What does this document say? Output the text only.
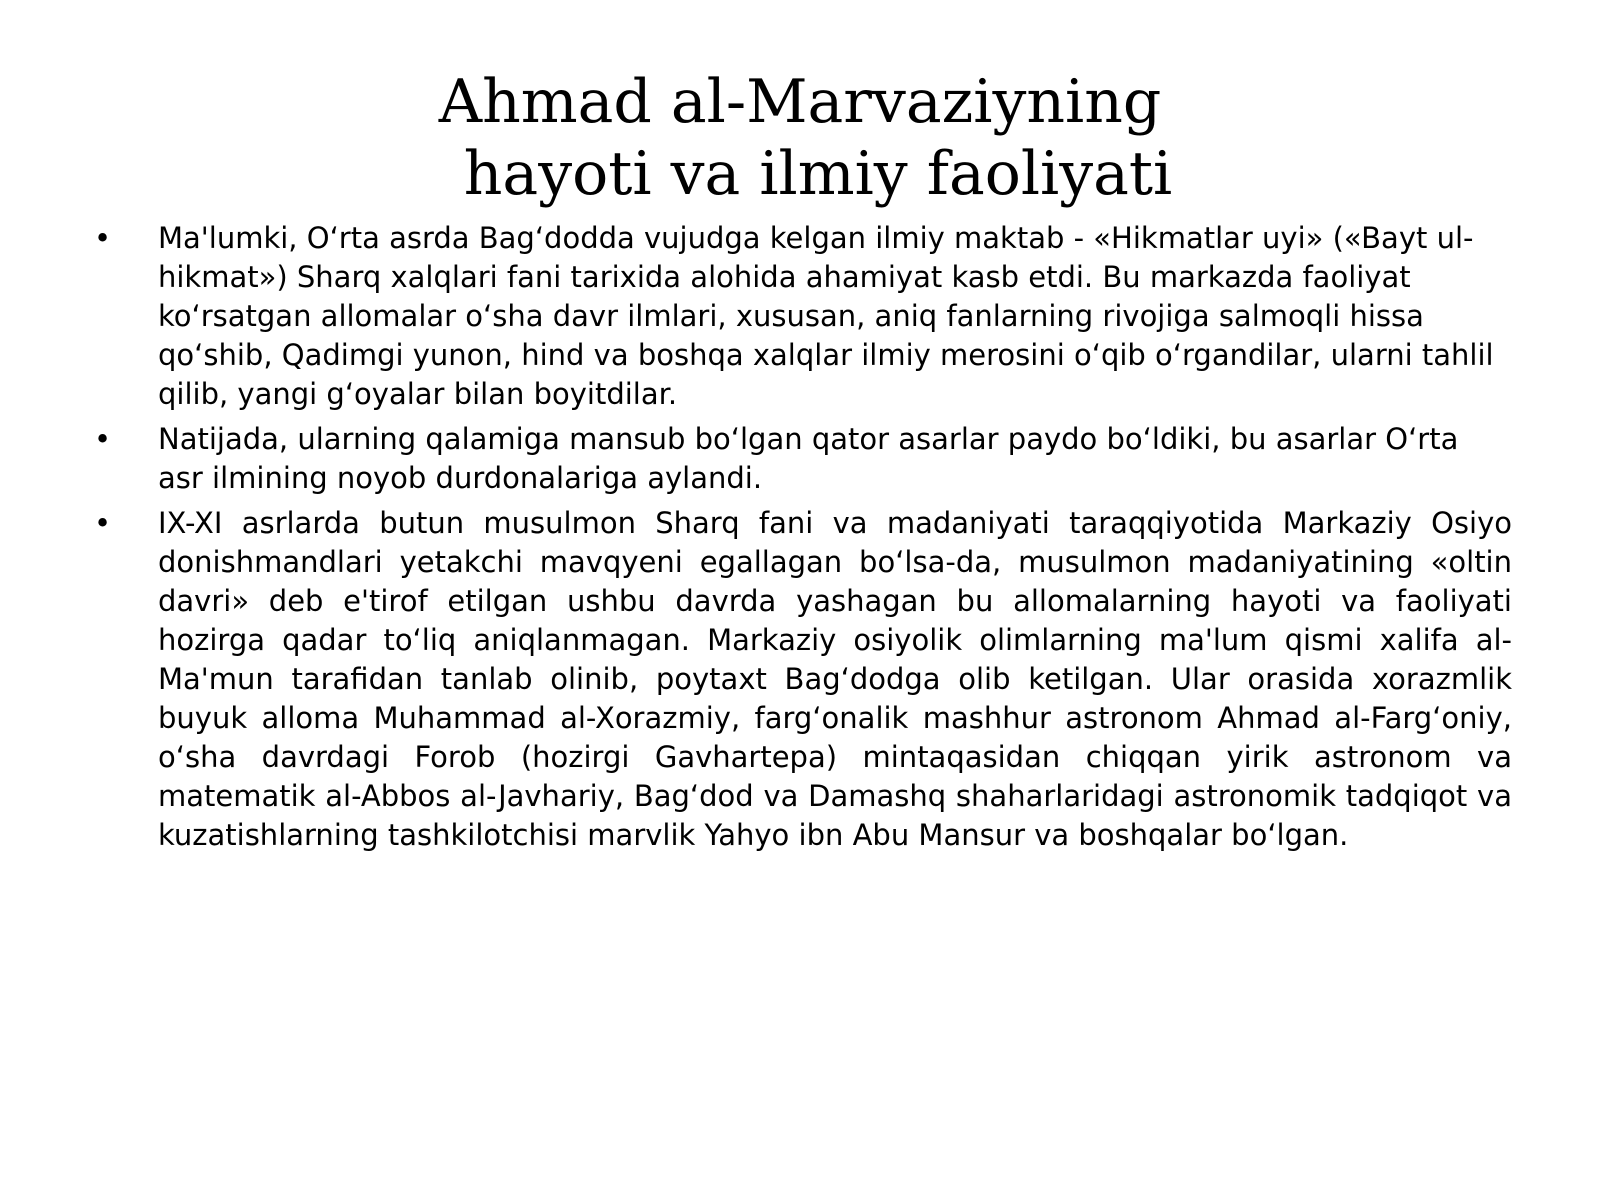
Ahmad al-Marvaziyning
hayoti va ilmiy faoliyati
•	Ma'lumki, O‘rta asrda Bag‘dodda vujudga kelgan ilmiy maktab - «Hikmatlar uyi» («Bayt ul-hikmat») Sharq xalqlari fani tarixida alohida ahamiyat kasb etdi. Bu markazda faoliyat ko‘rsatgan allomalar o‘sha davr ilmlari, xususan, aniq fanlarning rivojiga salmoqli hissa qo‘shib, Qadimgi yunon, hind va boshqa xalqlar ilmiy merosini o‘qib o‘rgandilar, ularni tahlil qilib, yangi g‘oyalar bilan boyitdilar.
•	Natijada, ularning qalamiga mansub bo‘lgan qator asarlar paydo bo‘ldiki, bu asarlar O‘rta asr ilmining noyob durdonalariga aylandi.
•	IX-XI asrlarda butun musulmon Sharq fani va madaniyati taraqqiyotida Markaziy Osiyo donishmandlari yetakchi mavqyeni egallagan bo‘lsa-da, musulmon madaniyatining «oltin davri» deb e'tirof etilgan ushbu davrda yashagan bu allomalarning hayoti va faoliyati hozirga qadar to‘liq aniqlanmagan. Markaziy osiyolik olimlarning ma'lum qismi xalifa al-Ma'mun tarafidan tanlab olinib, poytaxt Bag‘dodga olib ketilgan. Ular orasida xorazmlik buyuk alloma Muhammad al-Xorazmiy, farg‘onalik mashhur astronom Ahmad al-Farg‘oniy, o‘sha davrdagi Forob (hozirgi Gavhartepa) mintaqasidan chiqqan yirik astronom va matematik al-Abbos al-Javhariy, Bag‘dod va Damashq shaharlaridagi astronomik tadqiqot va kuzatishlarning tashkilotchisi marvlik Yahyo ibn Abu Mansur va boshqalar bo‘lgan.
